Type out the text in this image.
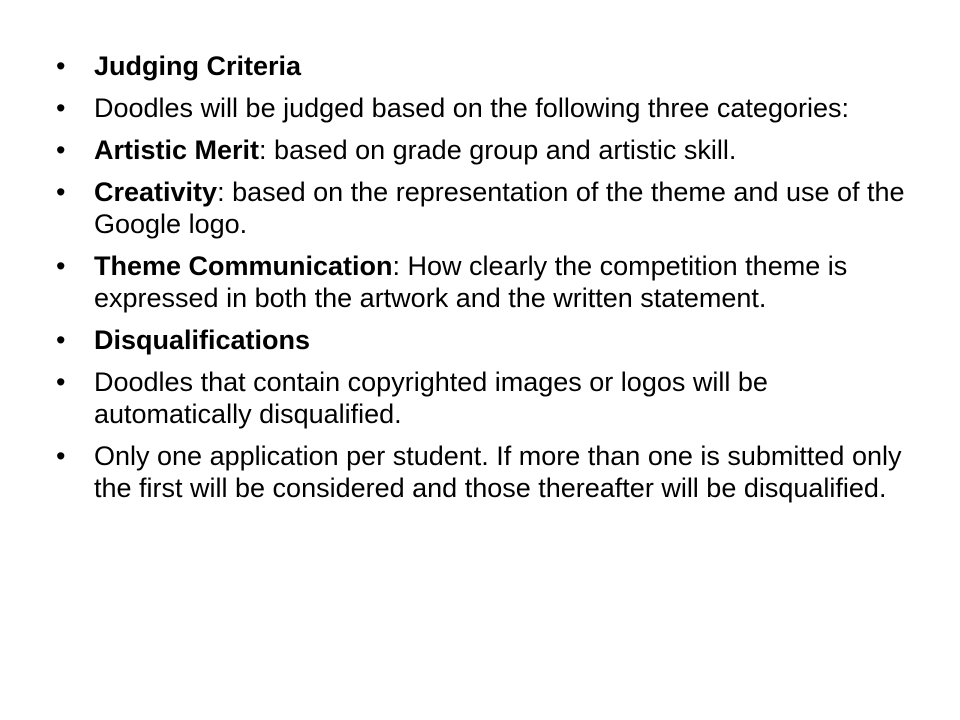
• Judging Criteria
• Doodles will be judged based on the following three categories:
• Artistic Merit: based on grade group and artistic skill.
• Creativity: based on the representation of the theme and use of the Google logo.
• Theme Communication: How clearly the competition theme is expressed in both the artwork and the written statement.
• Disqualifications
• Doodles that contain copyrighted images or logos will be automatically disqualified.
• Only one application per student. If more than one is submitted only the first will be considered and those thereafter will be disqualified.
